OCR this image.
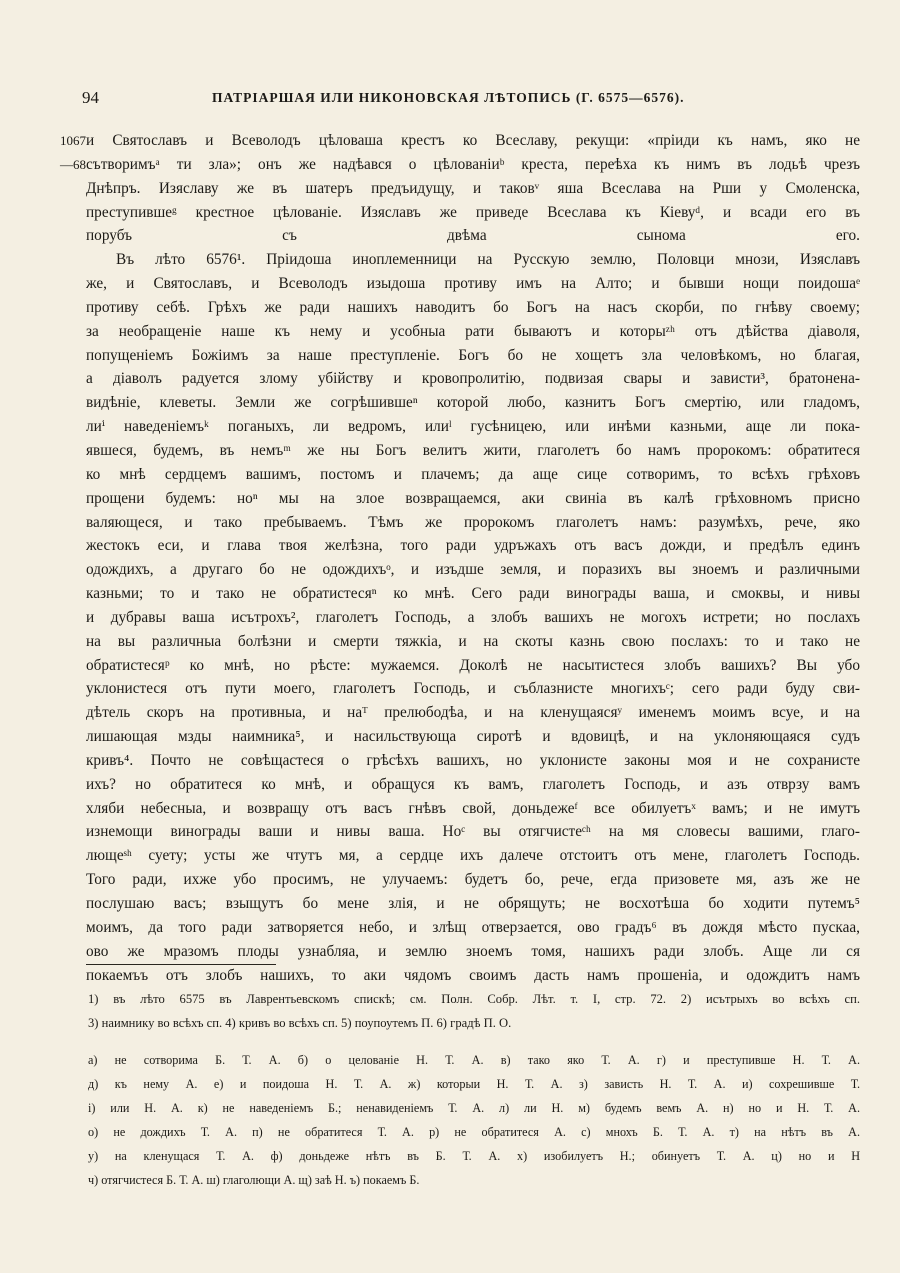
94	ПАТРІАРШАЯ ИЛИ НИКОНОВСКАЯ ЛѢТОПИСЬ (Г. 6575—6576).
1067 и Святославъ и Всеволодъ цѣловаша крестъ ко Всеславу, рекущи: «пріиди къ намъ, яко не
—68 сътворимъᵃ ти зла»; онъ же надѣався о цѣлованіиᵇ креста, переѣха къ нимъ въ лодьѣ чрезъ
Днѣпръ. Изяславу же въ шатеръ предъидущу, и таковᵛ яша Всеслава на Рши у Смоленска,
преступившеᵍ крестное цѣлованіе. Изяславъ же приведе Всеслава къ Кіевуᵈ, и всади его въ
порубъ съ двѣма сынома его.
Въ лѣто 6576¹. Пріидоша иноплеменници на Русскую землю, Половци мнози, Изяславъ
же, и Святославъ, и Всеволодъ изыдоша противу имъ на Алто; и бывши нощи поидошаᵉ
противу себѣ. Грѣхъ же ради нашихъ наводитъ бо Богъ на насъ скорби, по гнѣву своему;
за необращеніе наше къ нему и усобныа рати бываютъ и которыᶻʰ отъ дѣйства діаволя,
попущеніемъ Божіимъ за наше преступленіе. Богъ бо не хощетъ зла человѣкомъ, но благая,
а діаволъ радуется злому убійству и кровопролитію, подвизая свары и зависти³, братонена-
видѣніе, клеветы. Земли же согрѣшившеⁿ которой любо, казнитъ Богъ смертію, или гладомъ,
лиⁱ наведеніемъᵏ поганыхъ, ли ведромъ, илиˡ гусѣницею, или инѣми казньми, аще ли пока-
явшеся, будемъ, въ немъᵐ же ны Богъ велитъ жити, глаголетъ бо намъ пророкомъ: обратитеся
ко мнѣ сердцемъ вашимъ, постомъ и плачемъ; да аще сице сотворимъ, то всѣхъ грѣховъ
прощени будемъ: ноⁿ мы на злое возвращаемся, аки свиніа въ калѣ грѣховномъ присно
валяющеся, и тако пребываемъ. Тѣмъ же пророкомъ глаголетъ намъ: разумѣхъ, рече, яко
жестокъ еси, и глава твоя желѣзна, того ради удръжахъ отъ васъ дожди, и предѣлъ единъ
одождихъ, а другаго бо не одождихъᵒ, и изъдше земля, и поразихъ вы зноемъ и различными
казньми; то и тако не обратистесяⁿ ко мнѣ. Сего ради винограды ваша, и смоквы, и нивы
и дубравы ваша исътрохъ², глаголетъ Господь, а злобъ вашихъ не могохъ истрети; но послахъ
на вы различныа болѣзни и смерти тяжкіа, и на скоты казнь свою послахъ: то и тако не
обратистесяᵖ ко мнѣ, но рѣсте: мужаемся. Доколѣ не насытистеся злобъ вашихъ? Вы убо
уклонистеся отъ пути моего, глаголетъ Господь, и съблазнисте многихъᶜ; сего ради буду сви-
дѣтель скоръ на противныа, и наᵀ прелюбодѣа, и на кленущаясяʸ именемъ моимъ всуе, и на
лишающая мзды наимника⁵, и насильствующа сиротѣ и вдовицѣ, и на уклоняющаяся судъ
кривъ⁴. Почто не совѣщастеся о грѣсѣхъ вашихъ, но уклонисте законы моя и не сохранисте
ихъ? но обратитеся ко мнѣ, и обращуся къ вамъ, глаголетъ Господь, и азъ отврзу вамъ
хляби небесныа, и возвращу отъ васъ гнѣвъ свой, доньдежеᶠ все обилуетъˣ вамъ; и не имутъ
изнемощи винограды ваши и нивы ваша. Ноᶜ вы отягчистеᶜʰ на мя словесы вашими, глаго-
лющеˢʰ суету; усты же чтутъ мя, а сердце ихъ далече отстоитъ отъ мене, глаголетъ Господь.
Того ради, ихже убо просимъ, не улучаемъ: будетъ бо, рече, егда призовете мя, азъ же не
послушаю васъ; взыщутъ бо мене злія, и не обрящуть; не восхотѣша бо ходити путемъ⁵
моимъ, да того ради затворяется небо, и злѣщ отверзается, ово градъ⁶ въ дождя мѣсто пускаа,
ово же мразомъ плоды узнабляа, и землю зноемъ томя, нашихъ ради злобъ. Аще ли ся
покаемъъ отъ злобъ нашихъ, то аки чядомъ своимъ дасть намъ прошеніа, и одождитъ намъ
1) въ лѣто 6575 въ Лаврентьевскомъ спискѣ; см. Полн. Собр. Лѣт. т. I, стр. 72. 2) исътрыхъ во всѣхъ сп.
3) наимнику во всѣхъ сп. 4) кривъ во всѣхъ сп. 5) поупоутемъ П. 6) градѣ П. О.
а) не сотворима Б. Т. А. б) о целованіе Н. Т. А. в) тако яко Т. А. г) и преступивше Н. Т. А.
д) къ нему А. е) и поидоша Н. Т. А. ж) которыи Н. Т. А. з) зависть Н. Т. А. и) сохрешивше Т.
і) или Н. А. к) не наведеніемъ Б.; ненавиденіемъ Т. А. л) ли Н. м) будемъ вемъ А. н) но и Н. Т. А.
о) не дождихъ Т. А. п) не обратитеся Т. А. р) не обратитеся А. с) мнохъ Б. Т. А. т) на нѣтъ въ А.
у) на кленущася Т. А. ф) доньдеже нѣтъ въ Б. Т. А. х) изобилуетъ Н.; обинуетъ Т. А. ц) но и Н
ч) отягчистеся Б. Т. А. ш) глаголющи А. щ) заѣ Н. ъ) покаемъ Б.
